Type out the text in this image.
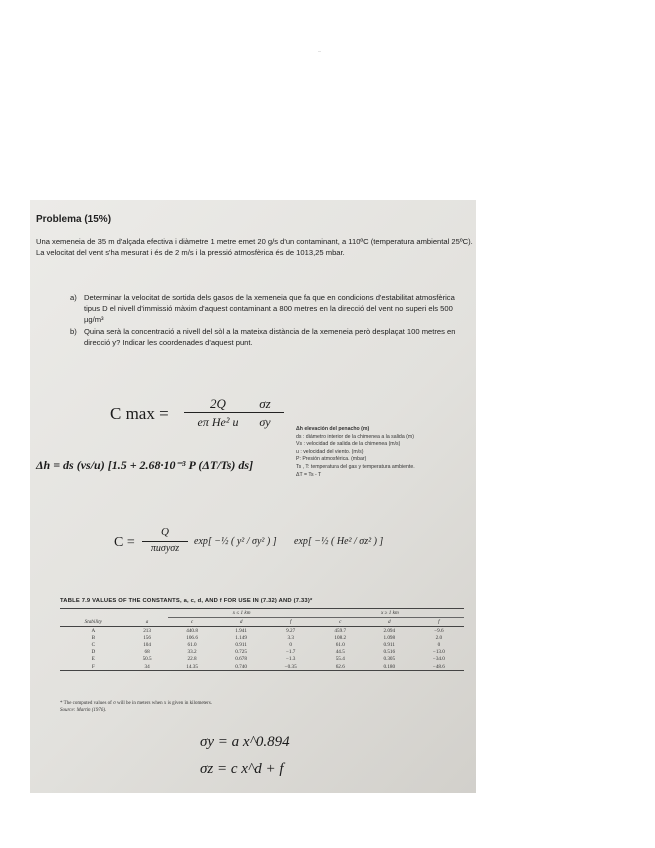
—
Problema (15%)
Una xemeneia de 35 m d'alçada efectiva i diàmetre 1 metre emet 20 g/s d'un contaminant, a 110ºC (temperatura ambiental 25ºC). La velocitat del vent s'ha mesurat i és de 2 m/s i la pressió atmosfèrica és de 1013,25 mbar.
a) Determinar la velocitat de sortida dels gasos de la xemeneia que fa que en condicions d'estabilitat atmosfèrica tipus D el nivell d'immissió màxim d'aquest contaminant a 800 metres en la direcció del vent no superi els 500 µg/m³
b) Quina serà la concentració a nivell del sòl a la mateixa distància de la xemeneia però desplaçat 100 metres en direcció y? Indicar les coordenades d'aquest punt.
C max =
2Q	σz
eπ He² u	σy
Δh = ds (vs/u) [1.5 + 2.68·10⁻³ P (ΔT/Ts) ds]
Δh elevación del penacho (m)
ds : diámetro interior de la chimenea a la salida (m)
Vs : velocidad de salida de la chimenea (m/s)
u : velocidad del viento. (m/s)
P: Presión atmosférica. (mbar)
Ts , T: temperatura del gas y temperatura ambiente.
ΔT = Ts - T
C =
Q
πuσyσz
exp[ −½ ( y² / σy² ) ] exp[ −½ ( He² / σz² ) ]
TABLE 7.9 VALUES OF THE CONSTANTS, a, c, d, AND f FOR USE IN (7.32) AND (7.33)*
		x ≤ 1 km			x ≥ 1 km		
Stability	a	c	d	f	c	d	f
A	213	440.8	1.941	9.27	459.7	2.094	−9.6
B	156	106.6	1.149	3.3	108.2	1.098	2.0
C	104	61.0	0.911	0	61.0	0.911	0
D	68	33.2	0.725	−1.7	44.5	0.516	−13.0
E	50.5	22.8	0.678	−1.3	55.4	0.305	−34.0
F	34	14.35	0.740	−0.35	62.6	0.180	−48.6
* The computed values of σ will be in meters when x is given in kilometers.
Source: Martin (1976).
σy = a x^0.894
σz = c x^d + f
